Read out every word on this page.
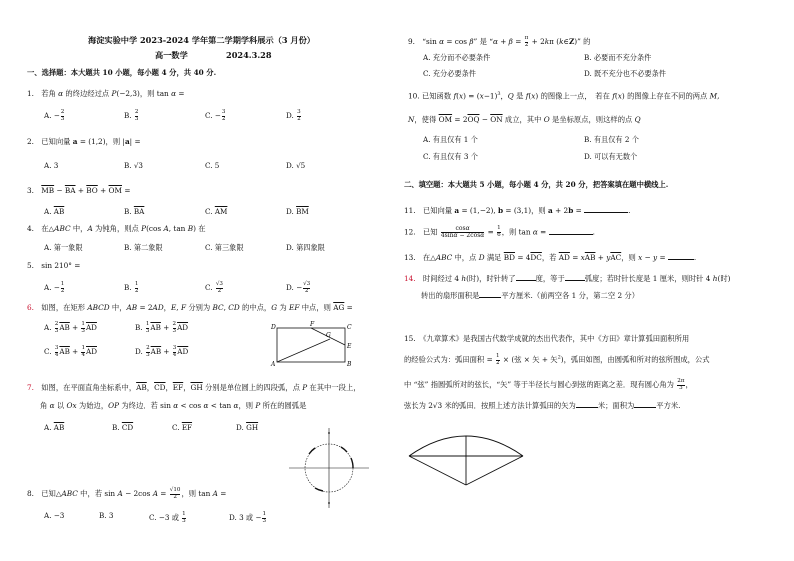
海淀实验中学 2023-2024 学年第二学期学科展示（3 月份）
高一数学	2024.3.28
一、选择题：本大题共 10 小题，每小题 4 分，共 40 分.
1.　若角 α 的终边经过点 P(−2,3)，则 tan α =
A. − $\frac{2}{3}$	B. $\frac{2}{3}$	C. − $\frac{3}{2}$	D. $\frac{3}{2}$
2.　已知向量 a = (1,2)，则 |a| =
A. 3	B. √3	C. 5	D. √5
3.　$\overline{MB} - \overline{BA} + \overline{BO} + \overline{OM}$ =
A. $\overline{AB}$	B. $\overline{BA}$	C. $\overline{AM}$	D. $\overline{BM}$
4.　在△ABC 中，A 为钝角，则点 P(cos A, tan B) 在
A. 第一象限	B. 第二象限	C. 第三象限	D. 第四象限
5.　sin 210° =
A. − $\frac{1}{2}$	B. $\frac{1}{2}$	C. $\frac{√3}{2}$	D. − $\frac{√3}{2}$
6.　如图，在矩形 ABCD 中，AB = 2AD，E, F 分别为 BC, CD 的中点，G 为 EF 中点，则 $\overline{AG}$ =
A. $\frac{2}{3} \overline{AB} + \frac{1}{3} \overline{AD}$	B. $\frac{1}{3} \overline{AB} + \frac{2}{3} \overline{AD}$
C. $\frac{3}{4} \overline{AB} + \frac{1}{4} \overline{AD}$	D. $\frac{2}{3} \overline{AB} + \frac{3}{4} \overline{AD}$
D	F	C
G
E
A	B
7.　如图，在平面直角坐标系中，$\overline{AB}$，$\overline{CD}$，$\overline{EF}$，$\overline{GH}$ 分别是单位圆上的四段弧，点 P 在其中一段上，
角 α 以 Ox 为始边，OP 为终边．若 sin α < cos α < tan α，则 P 所在的圆弧是
A. $\overline{AB}$	B. $\overline{CD}$	C. $\overline{EF}$	D. $\overline{GH}$
8.　已知△ABC 中，若 sin A − 2cos $A = \frac{√10}{2}$ ，则 tan A =
A. −3	B. 3	C. −3 或 $\frac{1}{3}$	D. 3 或 − $\frac{1}{3}$
9.　“sin α = cos β” 是 “$\alpha + \beta = \frac{\pi}{2} + 2k\pi$ (k∈Z)” 的
A. 充分而不必要条件	B. 必要而不充分条件
C. 充分必要条件	D. 既不充分也不必要条件
10. 已知函数 $f(x) = (x-1)^3$，Q 是 f(x) 的图像上一点，　若在 f(x) 的图像上存在不同的两点 M,
N，使得 $\overline{OM} = 2\overline{OQ} - \overline{ON}$ 成立，其中 O 是坐标原点，则这样的点 Q
A. 有且仅有 1 个	B. 有且仅有 2 个
C. 有且仅有 3 个	D. 可以有无数个
二、填空题：本大题共 5 小题，每小题 4 分，共 20 分，把答案填在题中横线上.
11.　已知向量 a = (1,−2), b = (3,1)，则 a + 2b =	.
12.　已知 $\frac{\cos\alpha}{4\sin\alpha - 2\cos\alpha} = \frac{1}{6}$ ，则 tan α =	.
13.　在△ABC 中，点 D 满足 $\overline{BD} = 4\overline{DC}$，若 $\overline{AD} = x\overline{AB} + y\overline{AC}$，则 x − y =	.
14.　时间经过 4 h(时)，时针转了	度，等于	弧度；若时针长度是 1 厘米，则时针 4 h(时)
转出的扇形面积是	平方厘米.（前两空各 1 分，第二空 2 分）
15.　《九章算术》是我国古代数学成就的杰出代表作，其中《方田》章计算弧田面积所用
的经验公式为：弧田面积 = $\frac{1}{2}$ × (弦 × 矢 + 矢$^2$)，弧田如图，由圆弧和所对的弦所围成，公式
中 “弦” 指圆弧所对的弦长，“矢” 等于半径长与圆心到弦的距离之差．现有圆心角为 $\frac{2\pi}{3}$ ，
弦长为 2√3 米的弧田．按照上述方法计算弧田的矢为	米；面积为	平方米.
